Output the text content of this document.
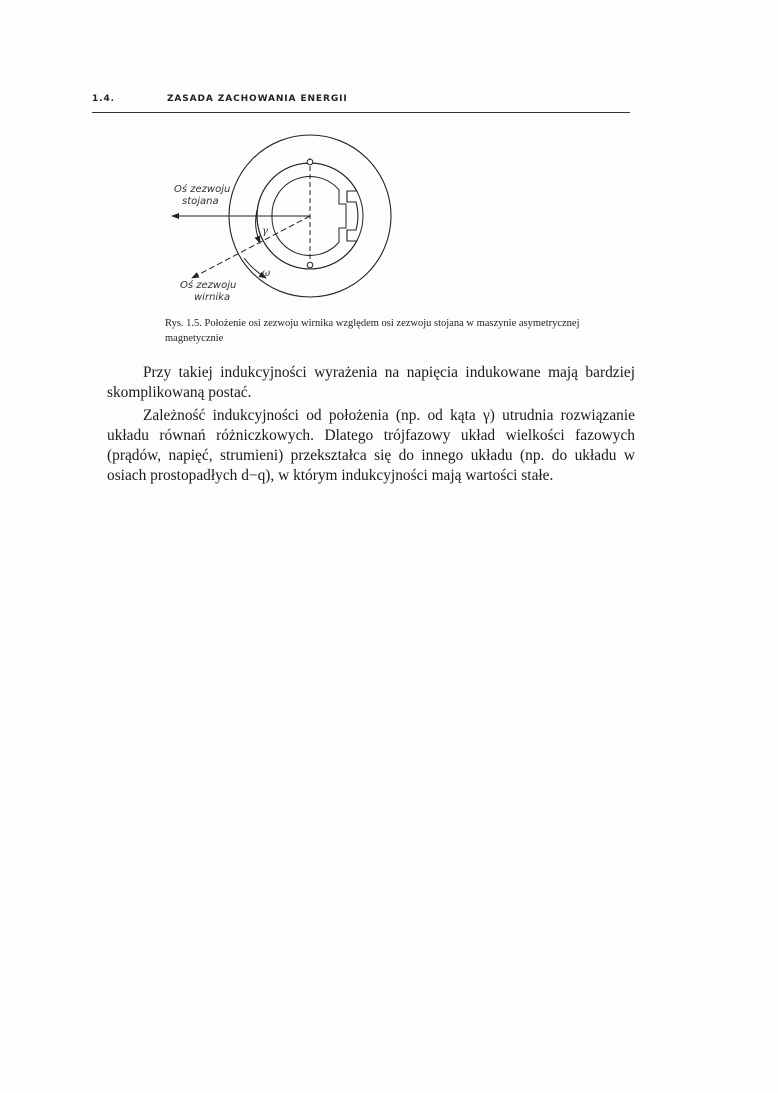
1.4.	ZASADA ZACHOWANIA ENERGII
Oś zezwoju
stojana
Oś zezwoju
wirnika
γ
ω
Rys. 1.5. Położenie osi zezwoju wirnika względem osi zezwoju stojana w maszynie asymetrycznej magnetycznie

Przy takiej indukcyjności wyrażenia na napięcia indukowane mają bardziej skomplikowaną postać.

Zależność indukcyjności od położenia (np. od kąta γ) utrudnia rozwiązanie układu równań różniczkowych. Dlatego trójfazowy układ wielkości fazowych (prądów, napięć, strumieni) przekształca się do innego układu (np. do układu w osiach prostopadłych d−q), w którym indukcyjności mają wartości stałe.
